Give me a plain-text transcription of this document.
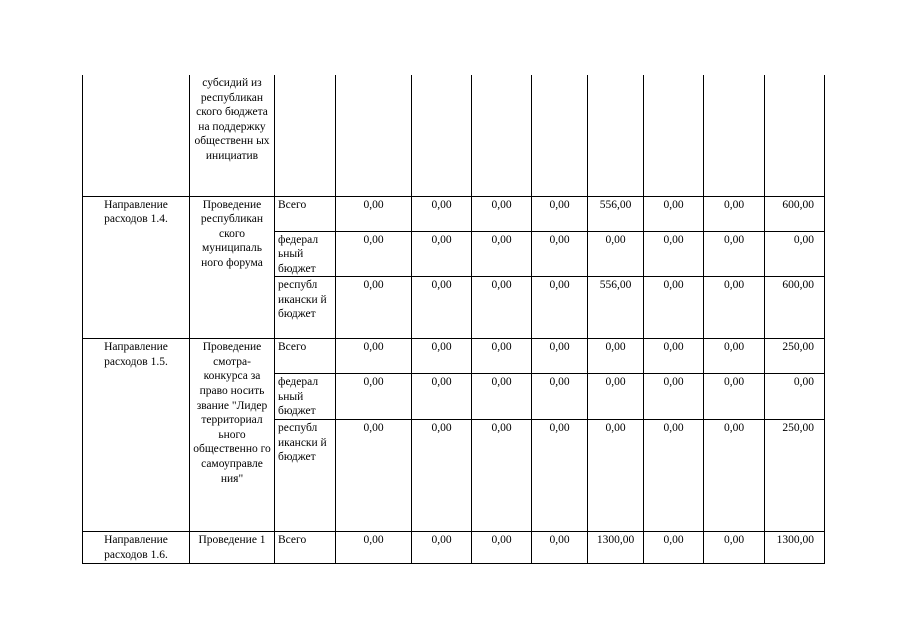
	субсидий из республикан ского бюджета на поддержку общественн ых инициатив									
Направление расходов 1.4.	Проведение республикан ского муниципаль ного форума	Всего	0,00	0,00	0,00	0,00	556,00	0,00	0,00	600,00
		федерал ьный бюджет	0,00	0,00	0,00	0,00	0,00	0,00	0,00	0,00
		республ икански й бюджет	0,00	0,00	0,00	0,00	556,00	0,00	0,00	600,00
Направление расходов 1.5.	Проведение смотра-конкурса за право носить звание "Лидер территориал ьного общественно го самоуправле ния"	Всего	0,00	0,00	0,00	0,00	0,00	0,00	0,00	250,00
		федерал ьный бюджет	0,00	0,00	0,00	0,00	0,00	0,00	0,00	0,00
		республ икански й бюджет	0,00	0,00	0,00	0,00	0,00	0,00	0,00	250,00
Направление расходов 1.6.	Проведение 1	Всего	0,00	0,00	0,00	0,00	1300,00	0,00	0,00	1300,00
